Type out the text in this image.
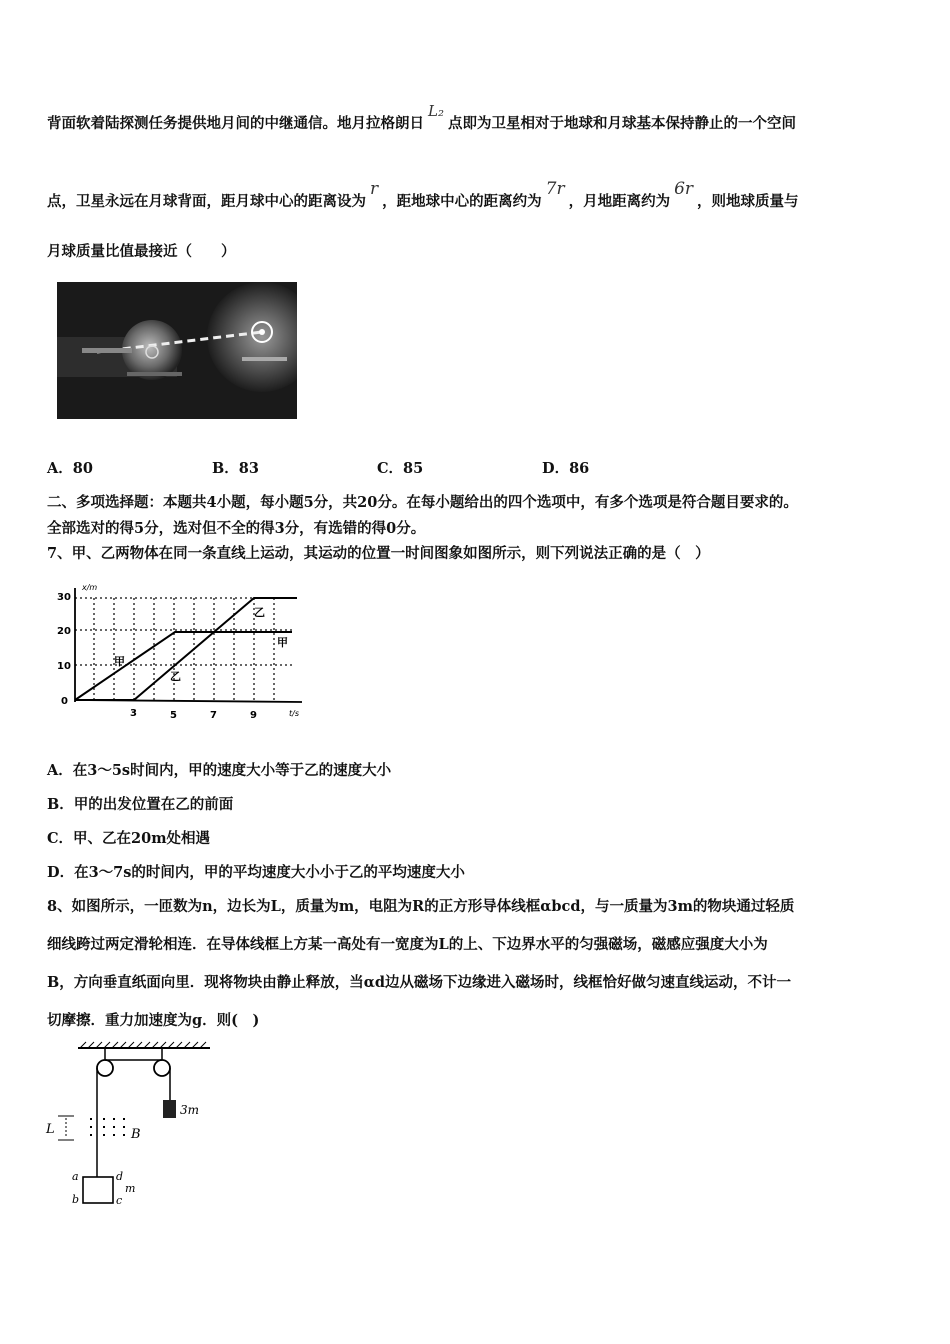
背面软着陆探测任务提供地月间的中继通信。地月拉格朗日L₂点即为卫星相对于地球和月球基本保持静止的一个空间
点，卫星永远在月球背面，距月球中心的距离设为r，距地球中心的距离约为7r，月地距离约为6r，则地球质量与
月球质量比值最接近（　　）
A．80	B．83	C．85	D．86
二、多项选择题：本题共4小题，每小题5分，共20分。在每小题给出的四个选项中，有多个选项是符合题目要求的。
全部选对的得5分，选对但不全的得3分，有选错的得0分。
7、甲、乙两物体在同一条直线上运动，其运动的位置一时间图象如图所示，则下列说法正确的是（　）
x/m
t/s
0
10
20
30
3	5	7	9
甲
甲
乙
乙
A．在3～5s时间内，甲的速度大小等于乙的速度大小
B．甲的出发位置在乙的前面
C．甲、乙在20m处相遇
D．在3～7s的时间内，甲的平均速度大小小于乙的平均速度大小
8、如图所示，一匝数为n，边长为L，质量为m，电阻为R的正方形导体线框αbcd，与一质量为3m的物块通过轻质
细线跨过两定滑轮相连．在导体线框上方某一高处有一宽度为L的上、下边界水平的匀强磁场，磁感应强度大小为
B，方向垂直纸面向里．现将物块由静止释放，当αd边从磁场下边缘进入磁场时，线框恰好做匀速直线运动，不计一
切摩擦．重力加速度为g．则(　)
3m
L	B
a
b
d
c
m
